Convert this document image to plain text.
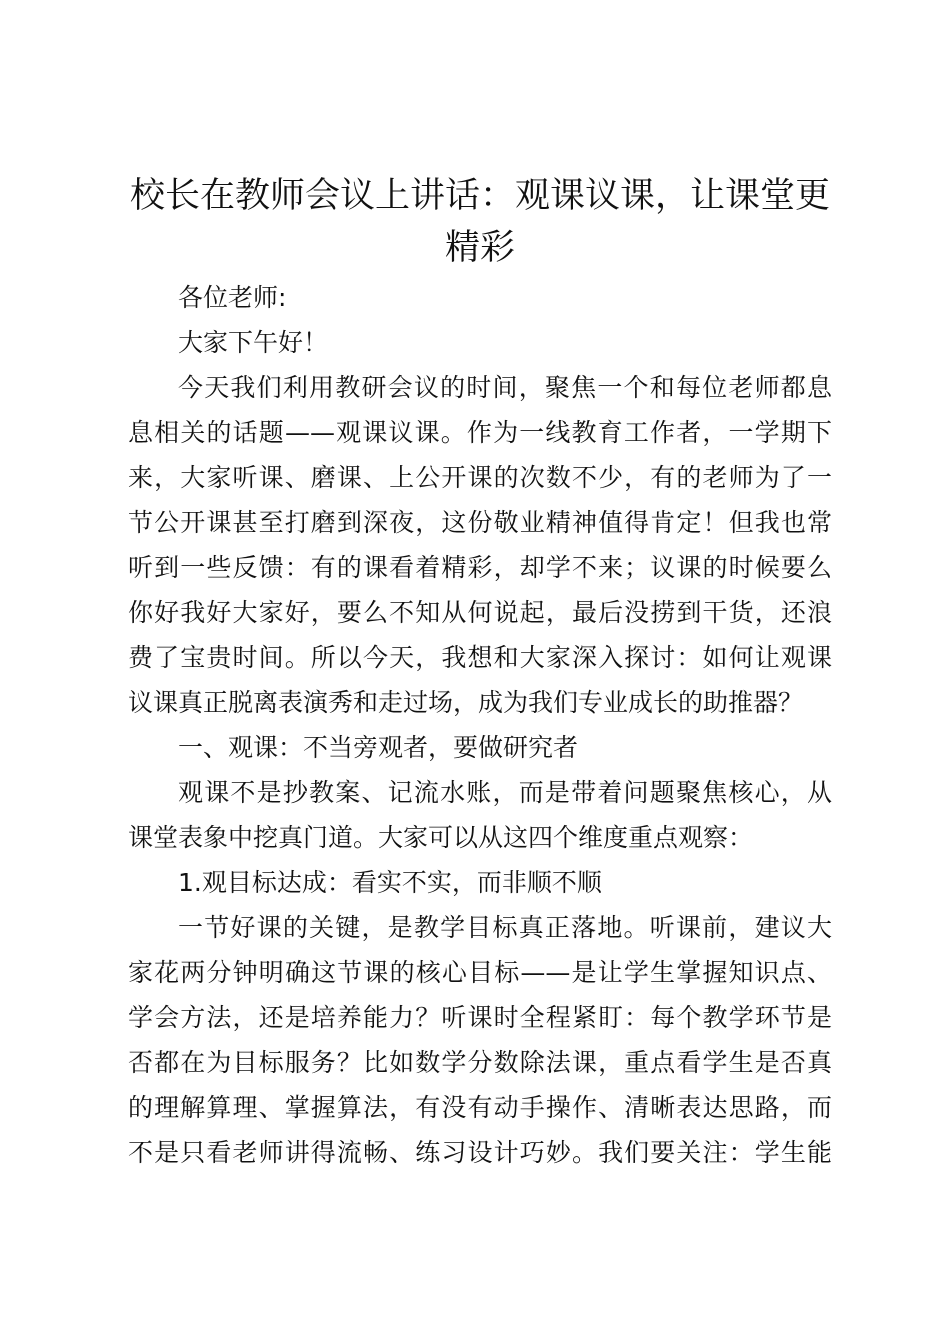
校长在教师会议上讲话：观课议课，让课堂更
精彩
各位老师:
大家下午好！
今天我们利用教研会议的时间，聚焦一个和每位老师都息
息相关的话题——观课议课。作为一线教育工作者，一学期下
来，大家听课、磨课、上公开课的次数不少，有的老师为了一
节公开课甚至打磨到深夜，这份敬业精神值得肯定！但我也常
听到一些反馈：有的课看着精彩，却学不来；议课的时候要么
你好我好大家好，要么不知从何说起，最后没捞到干货，还浪
费了宝贵时间。所以今天，我想和大家深入探讨：如何让观课
议课真正脱离表演秀和走过场，成为我们专业成长的助推器？
一、观课：不当旁观者，要做研究者
观课不是抄教案、记流水账，而是带着问题聚焦核心，从
课堂表象中挖真门道。大家可以从这四个维度重点观察：
1.观目标达成：看实不实，而非顺不顺
一节好课的关键，是教学目标真正落地。听课前，建议大
家花两分钟明确这节课的核心目标——是让学生掌握知识点、
学会方法，还是培养能力？听课时全程紧盯：每个教学环节是
否都在为目标服务？比如数学分数除法课，重点看学生是否真
的理解算理、掌握算法，有没有动手操作、清晰表达思路，而
不是只看老师讲得流畅、练习设计巧妙。我们要关注：学生能
